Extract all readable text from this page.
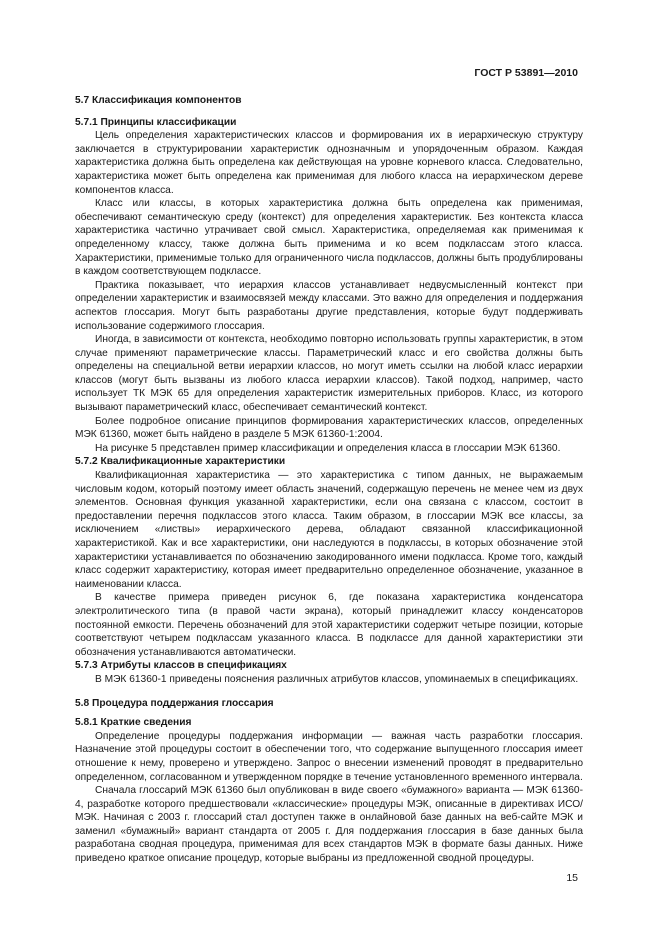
ГОСТ Р 53891—2010
5.7 Классификация компонентов
5.7.1 Принципы классификации

Цель определения характеристических классов и формирования их в иерархическую структуру заключается в структурировании характеристик однозначным и упорядоченным образом. Каждая характеристика должна быть определена как действующая на уровне корневого класса. Следовательно, характеристика может быть определена как применимая для любого класса на иерархическом дереве компонентов класса.

Класс или классы, в которых характеристика должна быть определена как применимая, обеспечивают семантическую среду (контекст) для определения характеристик. Без контекста класса характеристика частично утрачивает свой смысл. Характеристика, определяемая как применимая к определенному классу, также должна быть применима и ко всем подклассам этого класса. Характеристики, применимые только для ограниченного числа подклассов, должны быть продублированы в каждом соответствующем подклассе.

Практика показывает, что иерархия классов устанавливает недвусмысленный контекст при определении характеристик и взаимосвязей между классами. Это важно для определения и поддержания аспектов глоссария. Могут быть разработаны другие представления, которые будут поддерживать использование содержимого глоссария.

Иногда, в зависимости от контекста, необходимо повторно использовать группы характеристик, в этом случае применяют параметрические классы. Параметрический класс и его свойства должны быть определены на специальной ветви иерархии классов, но могут иметь ссылки на любой класс иерархии классов (могут быть вызваны из любого класса иерархии классов). Такой подход, например, часто использует ТК МЭК 65 для определения характеристик измерительных приборов. Класс, из которого вызывают параметрический класс, обеспечивает семантический контекст.

Более подробное описание принципов формирования характеристических классов, определенных МЭК 61360, может быть найдено в разделе 5 МЭК 61360-1:2004.

На рисунке 5 представлен пример классификации и определения класса в глоссарии МЭК 61360.

5.7.2 Квалификационные характеристики

Квалификационная характеристика — это характеристика с типом данных, не выражаемым числовым кодом, который поэтому имеет область значений, содержащую перечень не менее чем из двух элементов. Основная функция указанной характеристики, если она связана с классом, состоит в предоставлении перечня подклассов этого класса. Таким образом, в глоссарии МЭК все классы, за исключением «листвы» иерархического дерева, обладают связанной классификационной характеристикой. Как и все характеристики, они наследуются в подклассы, в которых обозначение этой характеристики устанавливается по обозначению закодированного имени подкласса. Кроме того, каждый класс содержит характеристику, которая имеет предварительно определенное обозначение, указанное в наименовании класса.

В качестве примера приведен рисунок 6, где показана характеристика конденсатора электролитического типа (в правой части экрана), который принадлежит классу конденсаторов постоянной емкости. Перечень обозначений для этой характеристики содержит четыре позиции, которые соответствуют четырем подклассам указанного класса. В подклассе для данной характеристики эти обозначения устанавливаются автоматически.

5.7.3 Атрибуты классов в спецификациях

В МЭК 61360-1 приведены пояснения различных атрибутов классов, упоминаемых в спецификациях.

5.8 Процедура поддержания глоссария
5.8.1 Краткие сведения

Определение процедуры поддержания информации — важная часть разработки глоссария. Назначение этой процедуры состоит в обеспечении того, что содержание выпущенного глоссария имеет отношение к нему, проверено и утверждено. Запрос о внесении изменений проводят в предварительно определенном, согласованном и утвержденном порядке в течение установленного временного интервала.

Сначала глоссарий МЭК 61360 был опубликован в виде своего «бумажного» варианта — МЭК 61360-4, разработке которого предшествовали «классические» процедуры МЭК, описанные в директивах ИСО/МЭК. Начиная с 2003 г. глоссарий стал доступен также в онлайновой базе данных на веб-сайте МЭК и заменил «бумажный» вариант стандарта от 2005 г. Для поддержания глоссария в базе данных была разработана сводная процедура, применимая для всех стандартов МЭК в формате базы данных. Ниже приведено краткое описание процедур, которые выбраны из предложенной сводной процедуры.

15
